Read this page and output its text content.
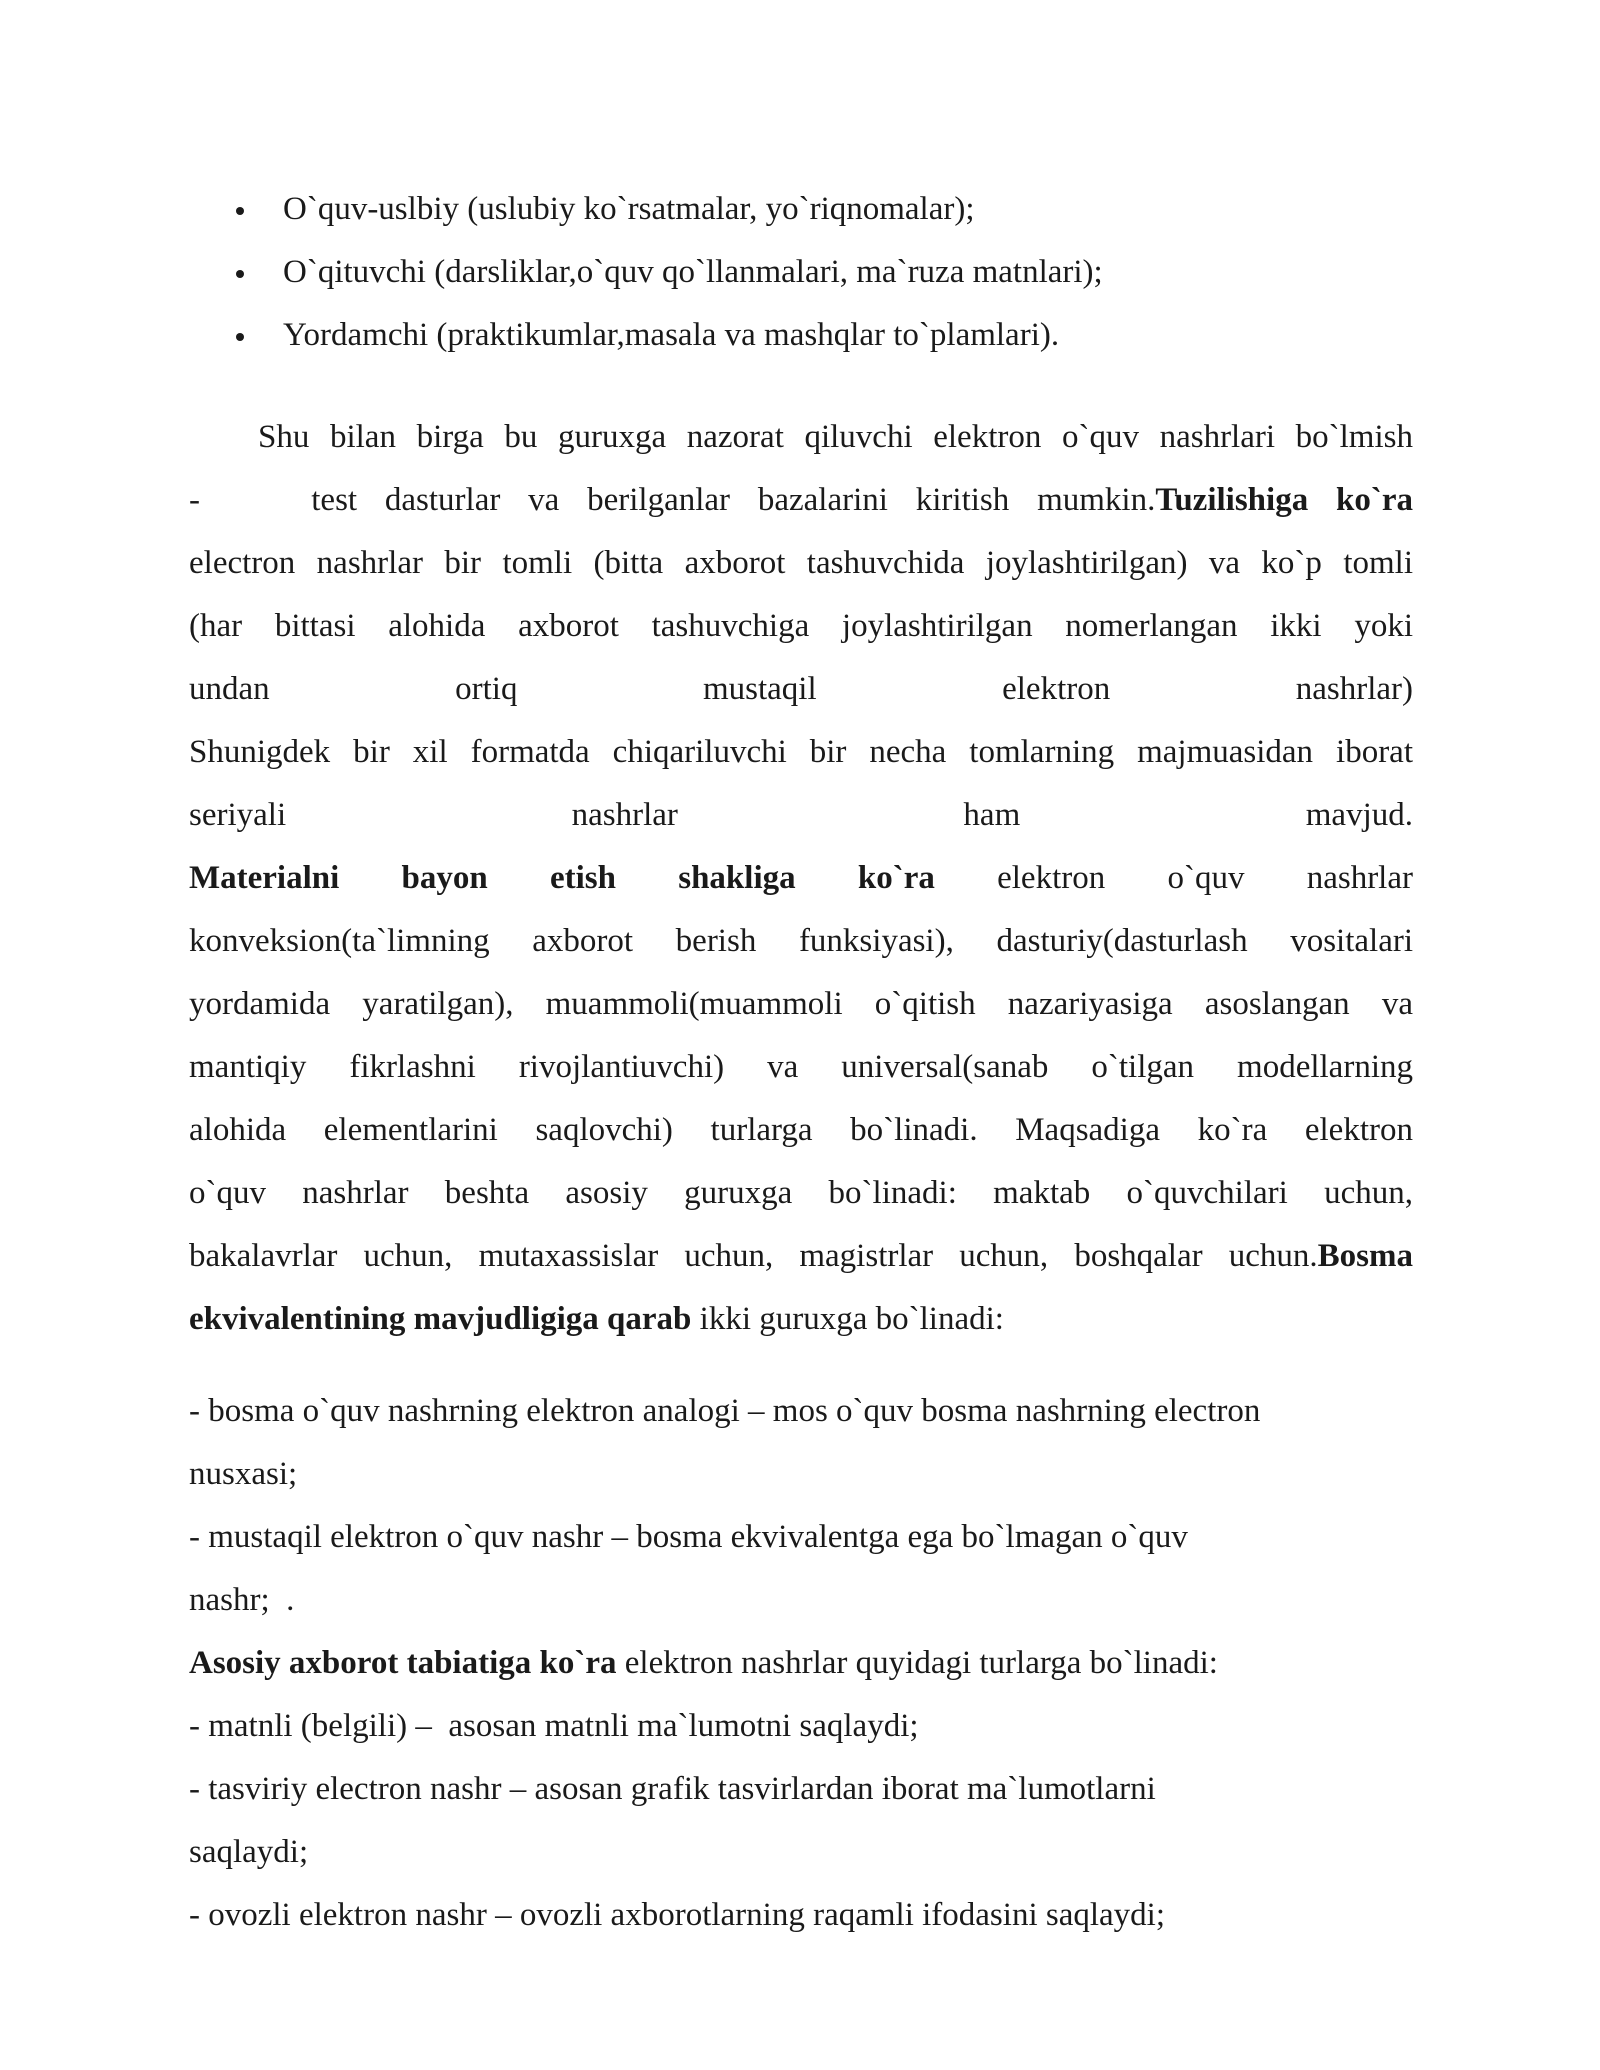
O`quv-uslbiy (uslubiy ko`rsatmalar, yo`riqnomalar);
O`qituvchi (darsliklar,o`quv qo`llanmalari, ma`ruza matnlari);
Yordamchi (praktikumlar,masala va mashqlar to`plamlari).
Shu bilan birga bu guruxga nazorat qiluvchi elektron o`quv nashrlari bo`lmish
-    test dasturlar va berilganlar bazalarini kiritish mumkin.Tuzilishiga ko`ra
electron nashrlar bir tomli (bitta axborot tashuvchida joylashtirilgan) va ko`p tomli
(har bittasi alohida axborot tashuvchiga joylashtirilgan nomerlangan ikki yoki
undan ortiq mustaqil elektron nashrlar)
Shunigdek bir xil formatda chiqariluvchi bir necha tomlarning majmuasidan iborat
seriyali nashrlar ham mavjud.
Materialni bayon etish shakliga ko`ra elektron o`quv nashrlar
konveksion(ta`limning axborot berish funksiyasi), dasturiy(dasturlash vositalari
yordamida yaratilgan), muammoli(muammoli o`qitish nazariyasiga asoslangan va
mantiqiy fikrlashni rivojlantiuvchi) va universal(sanab o`tilgan modellarning
alohida elementlarini saqlovchi) turlarga bo`linadi. Maqsadiga ko`ra elektron
o`quv nashrlar beshta asosiy guruxga bo`linadi: maktab o`quvchilari uchun,
bakalavrlar uchun, mutaxassislar uchun, magistrlar uchun, boshqalar uchun.Bosma
ekvivalentining mavjudligiga qarab ikki guruxga bo`linadi:
- bosma o`quv nashrning elektron analogi – mos o`quv bosma nashrning electron
nusxasi;
- mustaqil elektron o`quv nashr – bosma ekvivalentga ega bo`lmagan o`quv
nashr;  .
Asosiy axborot tabiatiga ko`ra elektron nashrlar quyidagi turlarga bo`linadi:
- matnli (belgili) –  asosan matnli ma`lumotni saqlaydi;
- tasviriy electron nashr – asosan grafik tasvirlardan iborat ma`lumotlarni
saqlaydi;
- ovozli elektron nashr – ovozli axborotlarning raqamli ifodasini saqlaydi;
